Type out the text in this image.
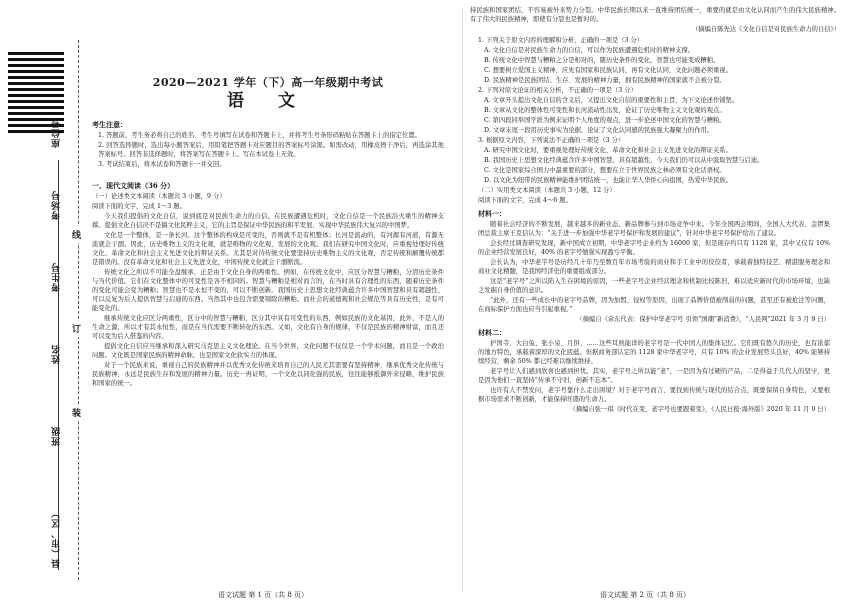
座位号
考场号
考生号
姓名
班级
县（市、区）
线
订
装
2020—2021 学年（下）高一年级期中考试
语 文
考生注意：

1. 答题前，考生务必将自己的姓名、考生号填写在试卷和答题卡上，并将考生号条形码粘贴在答题卡上的指定位置。

2. 回答选择题时，选出每小题答案后，用铅笔把答题卡对应题目的答案标号涂黑。如需改动，用橡皮擦干净后，再选涂其他答案标号。回答非选择题时，将答案写在答题卡上。写在本试卷上无效。

3. 考试结束后，将本试卷和答题卡一并交回。

一、现代文阅读（36 分）

（一）论述类文本阅读（本题共 3 小题，9 分）

阅读下面的文字，完成 1～3 题。

今天我们提倡的文化自信，说到底是对民族生命力的自信。在民族遭遇危机时，文化自信是一个民族浴火重生的精神支撑。提倡文化自信决不是搞文化民粹主义，它的主旨是保证中华民族的和平发展、实现中华民族伟大复兴的中国梦。

文化是一个整体，是一条长河。这个整体的构成是可变的，否则就不是有机整体；长河是流动的，有河源有河道，有源无流就会干涸。因此，历史唯物主义的文化观，就是唯物的文化观、发展的文化观。我们在研究中国文化时，应重视处理好传统文化、革命文化和社会主义先进文化的辩证关系。尤其是对待传统文化要坚持历史唯物主义的文化观，否定传统和颠覆传统都是错误的。没有革命文化和社会主义先进文化，中国传统文化就会干涸断流。

传统文化之所以不可能全盘继承，正是由于文化自身的两重性。例如，在传统文化中，应区分智慧与糟粕，分清历史条件与当代价值。它们在文化整体中的可变性是各不相同的。智慧与糟粕是相对而言的，在当时具有合理性的东西，随着历史条件的变化可能会变为糟粕；智慧也不是永恒不变的，可以不断创新。我国历史上思想文化经典蕴含许多中国智慧和具有超越性、可以反复为后人提供智慧与启迪的东西。当然其中也包含需要剔除的糟粕。而社会的道德观和社会规范等具有历史性，是有可能变化的。

继承传统文化应区分两重性，区分中的智慧与糟粕，区分其中具有可变性的东西，例如民族的文化基因，此外，不是人的生命之源，所以才有其永恒性，而是在当代需要不断转化的东西。又如，文化有自身的规律，不仅是民族的精神财富，而且还可以变为后人借鉴的内容。

提倡文化自信应当继承和深入研究马克思主义文化理论。在当今世界，文化问题不仅仅是一个学术问题，而且是一个政治问题。文化既是国家民族的精神命脉，也是国家文化软实力的体现。

对于一个民族来说，重视自己的民族精神并以优秀文化传统来培育自己的人民尤其需要有坚持精神，继承优秀文化传统与民族精神，永远是民族生存和发展的精神力量。历史一再证明，一个文化以同化强的民族，往往能够抵御外来侵略，维护民族和国家的统一。

语文试题 第 1 页（共 8 页）

持民族和国家团结，不容易被外来势力分裂。中华民族长期以来一直维持团结统一，重要的就是由文化认同而产生的伟大民族精神。有了伟大的民族精神，即使有分裂也是暂时的。

（摘编自陈先达《文化自信是对民族生命力的自信》）

1. 下列关于原文内容的理解和分析，正确的一项是（3 分）

A. 文化自信是对民族生命力的自信，可以作为民族遭遇危机时的精神支撑。

B. 传统文化中智慧与糟粕之分是相对的，随历史条件的变化，智慧也可能变成糟粕。

C. 想要树立爱国主义精神，应先有国家和民族认同，再有文化认同，文化问题必须重视。

D. 民族精神是民族团结、生存、发展的精神力量，拥有民族精神的国家就不会被分裂。

2. 下列对原文论证的相关分析，不正确的一项是（3 分）

A. 文章开头提出文化自信的含义后，又提出文化自信的重要性和主旨，为下文论述作铺垫。

B. 文章从文化的整体性可变性和长河流动性出发，论证了历史唯物主义文化观的观点。

C. 第四段同举国学派为例来证明个人角度的观点，进一步论述中国文化的智慧与糟粕。

D. 文章末尾一段用历史事实为论据，论证了文化认同感的民族强大凝聚力的作用。

3. 根据原文内容，下列说法不正确的一项是（3 分）

A. 研究中国文化时，要重视处理好传统文化、革命文化和社会主义先进文化的辩证关系。

B. 我国历史上思想文化经典蕴含许多中国智慧，具有超越性，今天我们仍可以从中汲取智慧与启迪。

C. 文化是国家综合国力中最重要的部分，想要在立于世界民族之林必须有文化话语权。

D. 以文化为纽带的民族精神能维护团结统一，也能让华人华侨心向祖国，热爱中华民族。

（二）实用类文本阅读（本题共 3 小题，12 分）

阅读下面的文字，完成 4～6 题。

材料一：

随着社会经济的不断发展，越来越多的新业态、新品牌参与到市场竞争中来。今年全国两会期间，全国人大代表、金锣集团总裁主席王克信认为：“关于进一步加强中华老字号保护和发展的建议”，针对中华老字号保护给出了建议。

会长经过调查研究发现，新中国成立初期，中华老字号企业约为 16000 家，但是现存约只有 1128 家，其中又仅有 10% 的企业经营发展良好，40% 的老字号勉强实现盈亏平衡。

会长认为，中华老字号是历经几十年乃至数百年市场考验的商业和手工业中的佼佼者，承载着独特技艺、精湛服务理念和商业文化精髓，是我国经济史的重要组成部分。

这是“老字号”之所以陷入生存困境的原因，一些老字号企业经营理念和机制比较陈旧，难以适应新时代的市场环境，也缺乏发掘自身价值的意识。

“此外，还有一些成长中的老字号品牌，因为加盟、侵权等原因，出现了品牌价值被削弱的问题，甚至还有被抢注等问题，在商标保护方面也应当引起重视。”

（摘编自《余东代表：保护中华老字号 引领“国潮”新消费》，“人民网”2021 年 3 月 9 日）

材料二：

护国寺、大白兔、张小泉、月饼、……这些耳熟能详的老字号是一代中国人的集体记忆。它们既有悠久的历史，也有浓郁的地方特色，承载着深厚的文化底蕴。但据商务部认定的 1128 家中华老字号，只有 10% 的企业发展势头良好，40% 能够持续经营，剩余 50% 都已经难以继续维持。

老字号让人们感到欣喜也感到担忧。其实，老字号之所以能“老”，一是因为有过硬的产品，二是得益于几代人的坚守，更是因为他们一直坚持“传承不守旧，创新不忘本”。

也许有人不禁发问，老字号靠什么走出困境？对于老字号而言，要找到传统与现代的结合点，既要保留自身特色，又要根据市场需求不断创新，才能保持旺盛的生命力。

（摘编自张一琪《时代在变，老字号也要跟着变》，《人民日报·海外版》2020 年 11 月 9 日）

语文试题 第 2 页（共 8 页）
